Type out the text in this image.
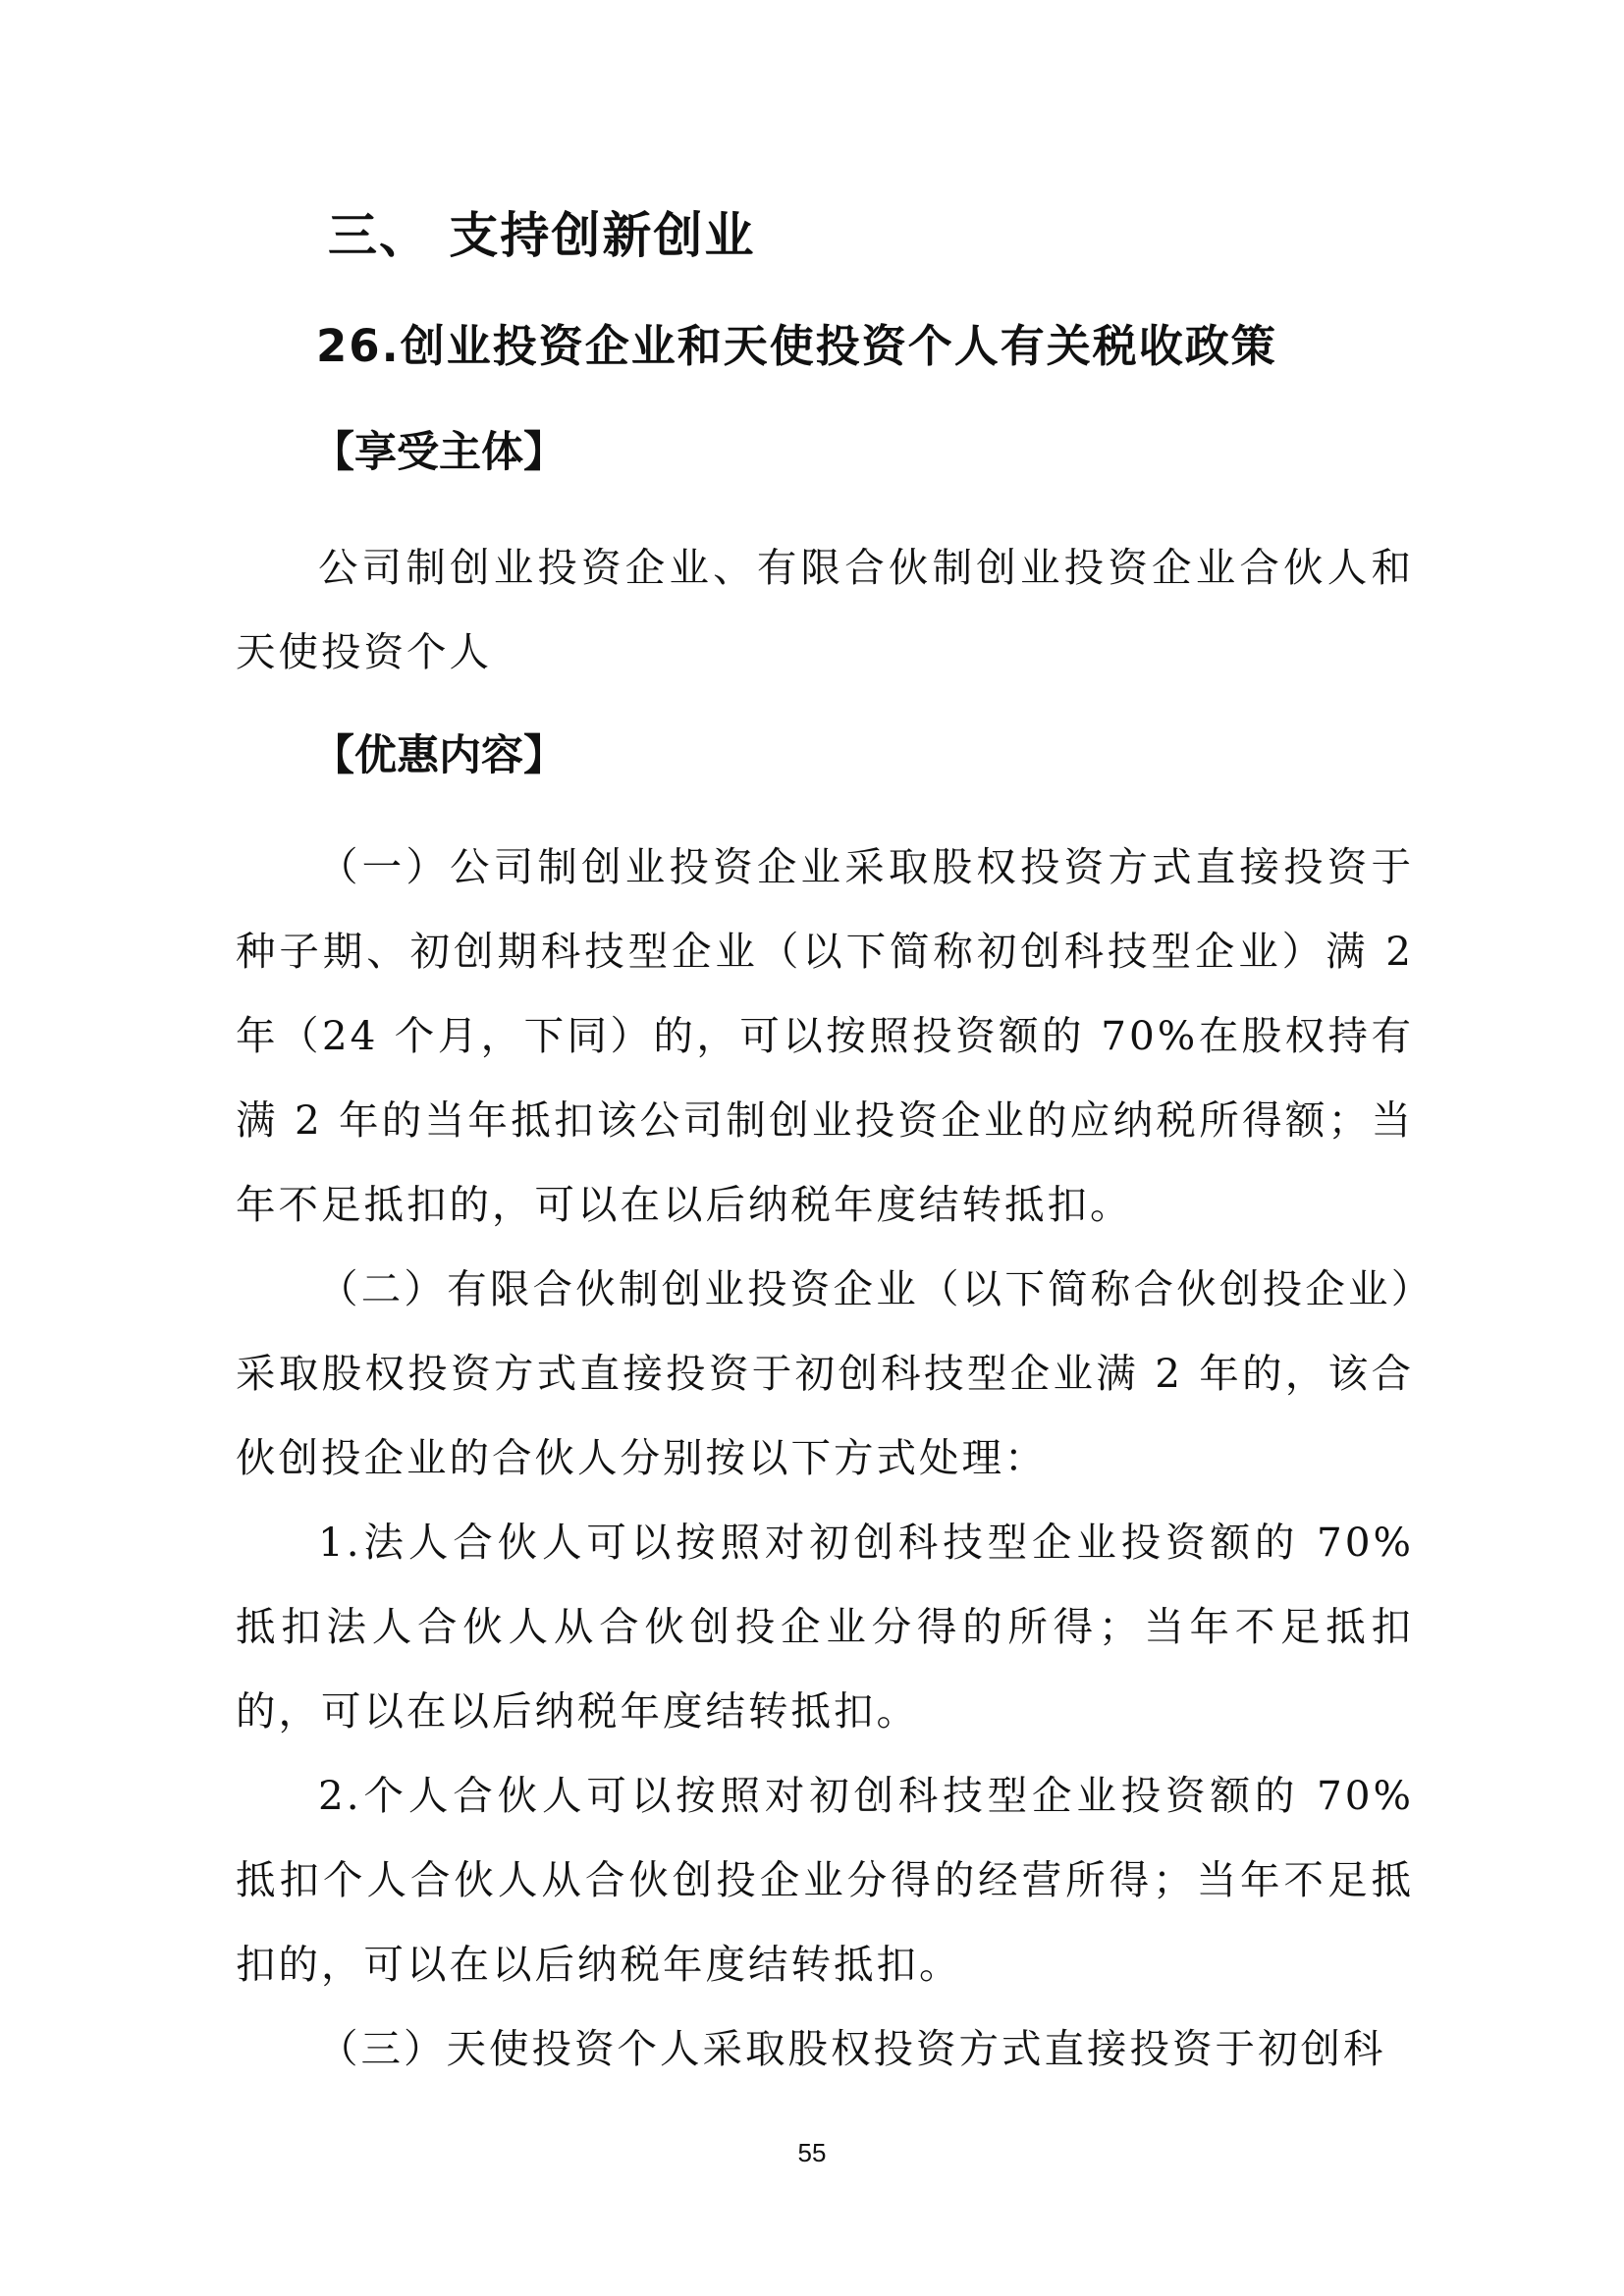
三、 支持创新创业
26.创业投资企业和天使投资个人有关税收政策
【享受主体】

公司制创业投资企业、有限合伙制创业投资企业合伙人和天使投资个人

【优惠内容】

（一）公司制创业投资企业采取股权投资方式直接投资于种子期、初创期科技型企业（以下简称初创科技型企业）满 2 年（24 个月，下同）的，可以按照投资额的 70%在股权持有满 2 年的当年抵扣该公司制创业投资企业的应纳税所得额；当年不足抵扣的，可以在以后纳税年度结转抵扣。

（二）有限合伙制创业投资企业（以下简称合伙创投企业）采取股权投资方式直接投资于初创科技型企业满 2 年的，该合伙创投企业的合伙人分别按以下方式处理：

1.法人合伙人可以按照对初创科技型企业投资额的 70%抵扣法人合伙人从合伙创投企业分得的所得；当年不足抵扣的，可以在以后纳税年度结转抵扣。

2.个人合伙人可以按照对初创科技型企业投资额的 70%抵扣个人合伙人从合伙创投企业分得的经营所得；当年不足抵扣的，可以在以后纳税年度结转抵扣。

（三）天使投资个人采取股权投资方式直接投资于初创科

55
